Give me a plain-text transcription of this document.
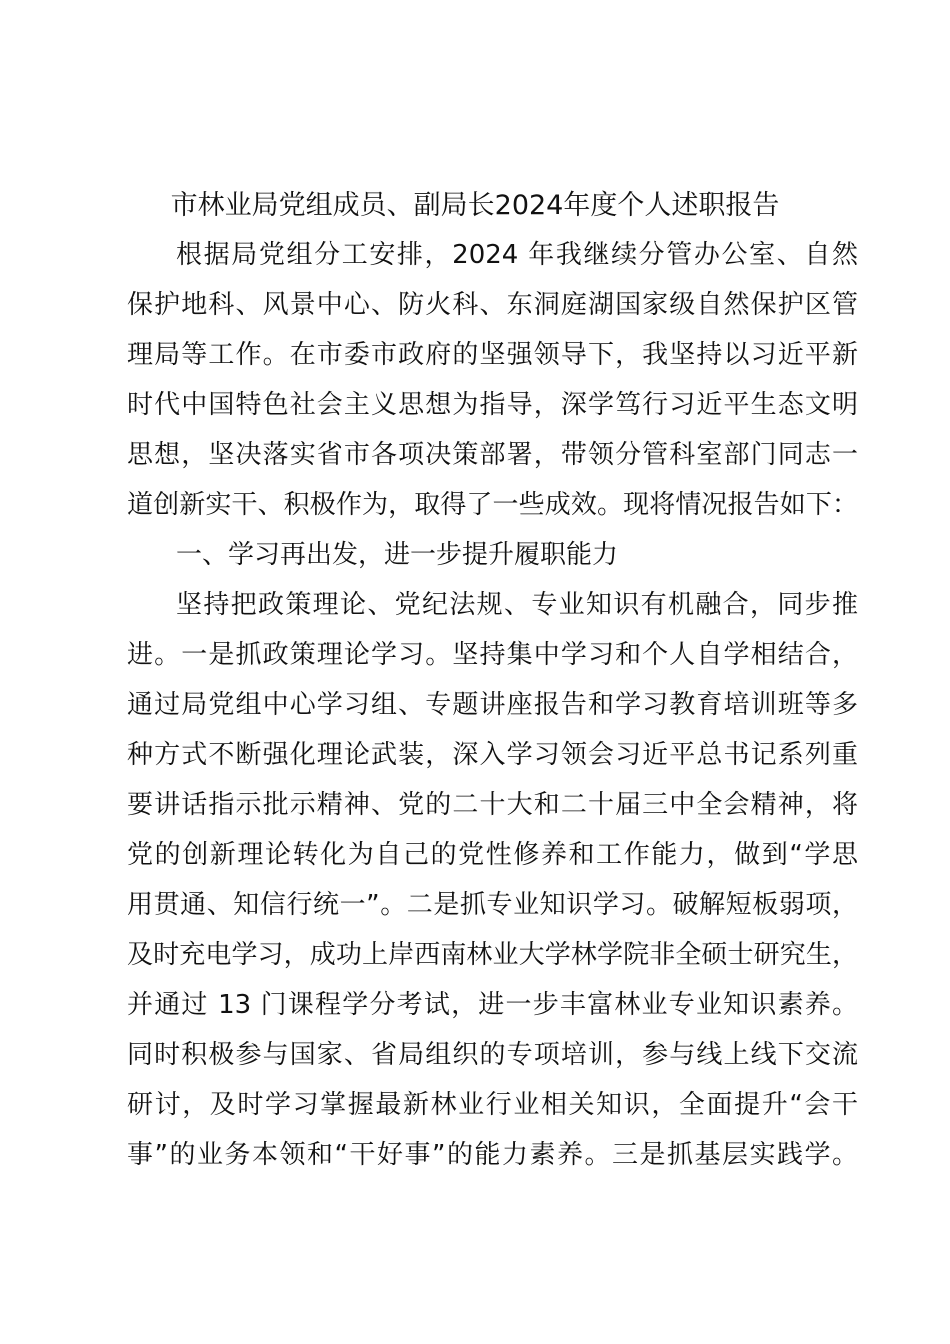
市林业局党组成员、副局长2024年度个人述职报告
根据局党组分工安排，2024 年我继续分管办公室、自然
保护地科、风景中心、防火科、东洞庭湖国家级自然保护区管
理局等工作。在市委市政府的坚强领导下，我坚持以习近平新
时代中国特色社会主义思想为指导，深学笃行习近平生态文明
思想，坚决落实省市各项决策部署，带领分管科室部门同志一
道创新实干、积极作为，取得了一些成效。现将情况报告如下：
一、学习再出发，进一步提升履职能力
坚持把政策理论、党纪法规、专业知识有机融合，同步推
进。一是抓政策理论学习。坚持集中学习和个人自学相结合，
通过局党组中心学习组、专题讲座报告和学习教育培训班等多
种方式不断强化理论武装，深入学习领会习近平总书记系列重
要讲话指示批示精神、党的二十大和二十届三中全会精神，将
党的创新理论转化为自己的党性修养和工作能力，做到“学思
用贯通、知信行统一”。二是抓专业知识学习。破解短板弱项，
及时充电学习，成功上岸西南林业大学林学院非全硕士研究生，
并通过 13 门课程学分考试，进一步丰富林业专业知识素养。
同时积极参与国家、省局组织的专项培训，参与线上线下交流
研讨，及时学习掌握最新林业行业相关知识，全面提升“会干
事”的业务本领和“干好事”的能力素养。三是抓基层实践学。
